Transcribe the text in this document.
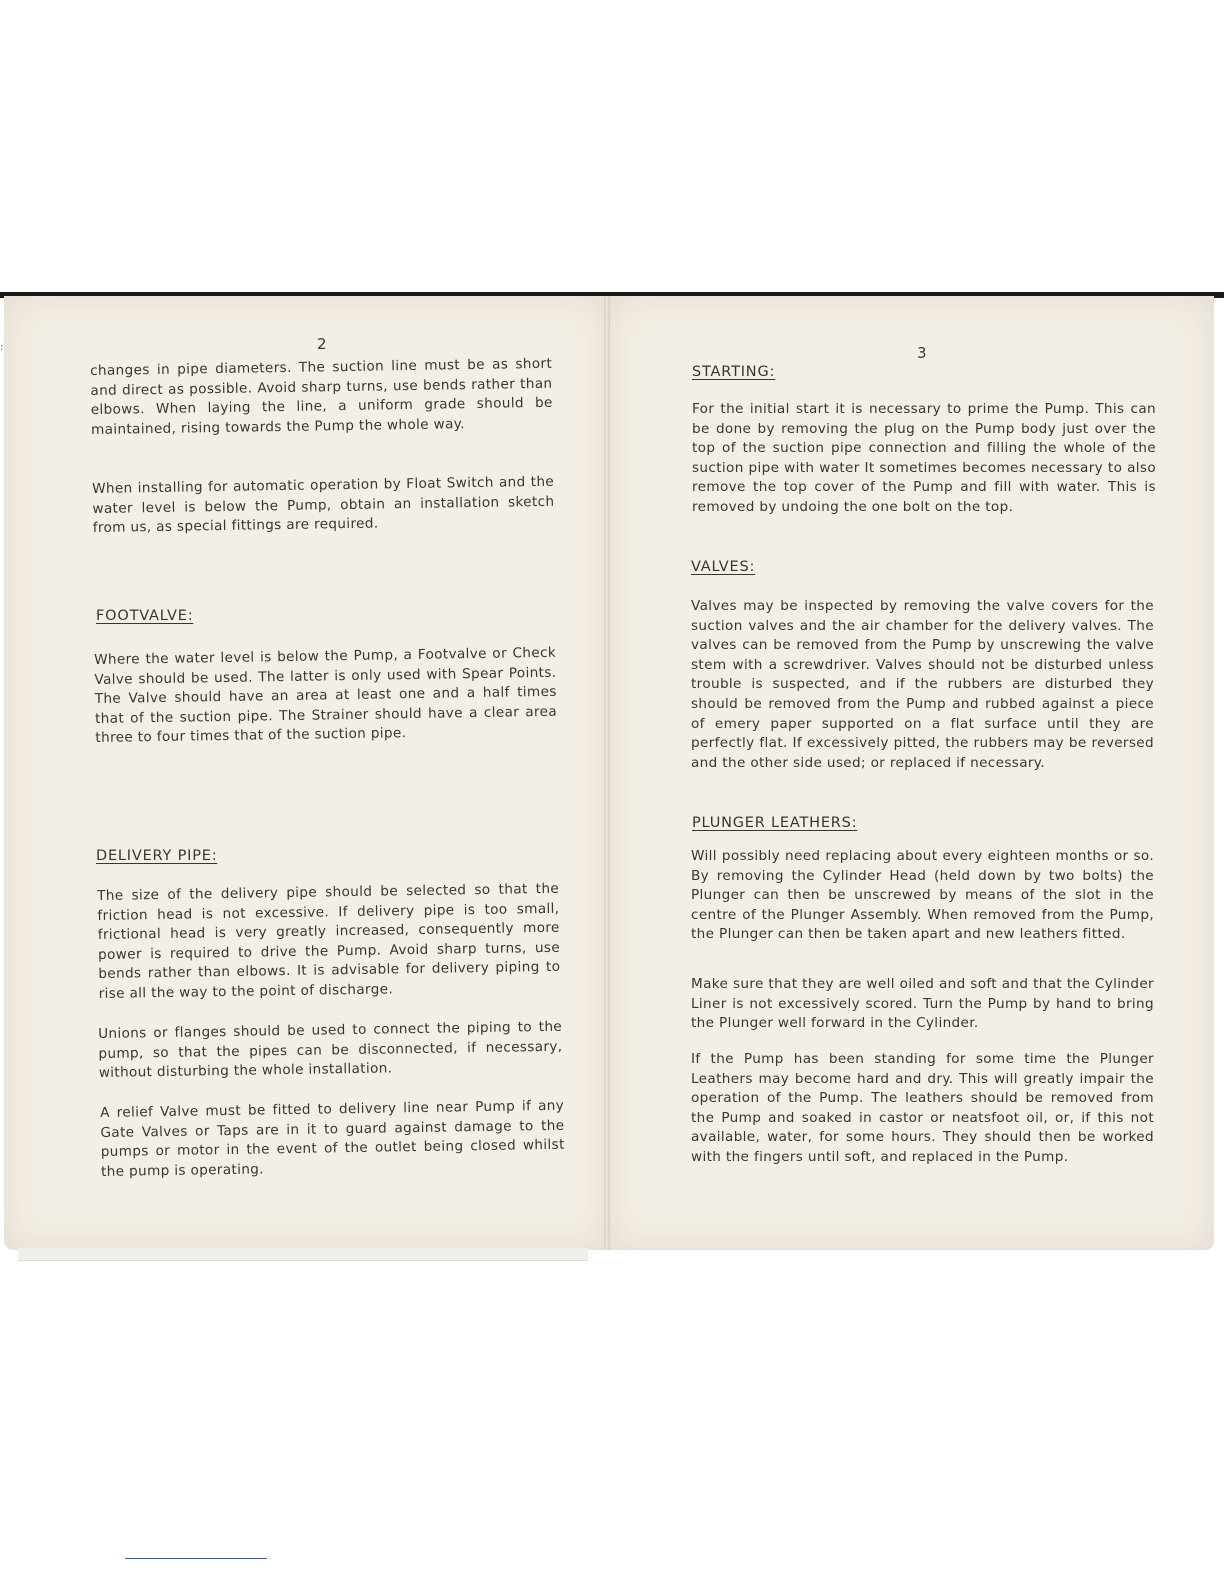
:	2
changes in pipe diameters. The suction line must be as short and direct as possible. Avoid sharp turns, use bends rather than elbows. When laying the line, a uniform grade should be maintained, rising towards the Pump the whole way.
When installing for automatic operation by Float Switch and the water level is below the Pump, obtain an installation sketch from us, as special fittings are required.
FOOTVALVE:
Where the water level is below the Pump, a Footvalve or Check Valve should be used. The latter is only used with Spear Points. The Valve should have an area at least one and a half times that of the suction pipe. The Strainer should have a clear area three to four times that of the suction pipe.
DELIVERY PIPE:
The size of the delivery pipe should be selected so that the friction head is not excessive. If delivery pipe is too small, frictional head is very greatly increased, consequently more power is required to drive the Pump. Avoid sharp turns, use bends rather than elbows. It is advisable for delivery piping to rise all the way to the point of discharge.
Unions or flanges should be used to connect the piping to the pump, so that the pipes can be disconnected, if necessary, without disturbing the whole installation.
A relief Valve must be fitted to delivery line near Pump if any Gate Valves or Taps are in it to guard against damage to the pumps or motor in the event of the outlet being closed whilst the pump is operating.
3
STARTING:
For the initial start it is necessary to prime the Pump. This can be done by removing the plug on the Pump body just over the top of the suction pipe connection and filling the whole of the suction pipe with water It sometimes becomes necessary to also remove the top cover of the Pump and fill with water. This is removed by undoing the one bolt on the top.
VALVES:
Valves may be inspected by removing the valve covers for the suction valves and the air chamber for the delivery valves. The valves can be removed from the Pump by unscrewing the valve stem with a screwdriver. Valves should not be disturbed unless trouble is suspected, and if the rubbers are disturbed they should be removed from the Pump and rubbed against a piece of emery paper supported on a flat surface until they are perfectly flat. If excessively pitted, the rubbers may be reversed and the other side used; or replaced if necessary.
PLUNGER LEATHERS:
Will possibly need replacing about every eighteen months or so. By removing the Cylinder Head (held down by two bolts) the Plunger can then be unscrewed by means of the slot in the centre of the Plunger Assembly. When removed from the Pump, the Plunger can then be taken apart and new leathers fitted.
Make sure that they are well oiled and soft and that the Cylinder Liner is not excessively scored. Turn the Pump by hand to bring the Plunger well forward in the Cylinder.
If the Pump has been standing for some time the Plunger Leathers may become hard and dry. This will greatly impair the operation of the Pump. The leathers should be removed from the Pump and soaked in castor or neatsfoot oil, or, if this not available, water, for some hours. They should then be worked with the fingers until soft, and replaced in the Pump.
